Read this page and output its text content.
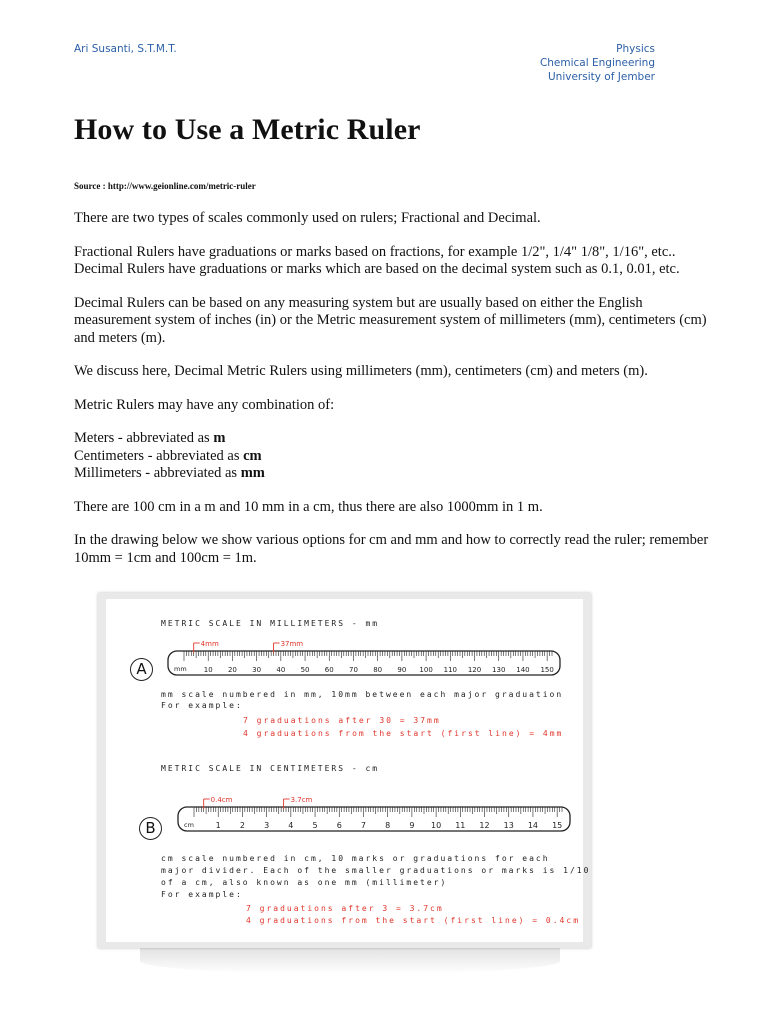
Ari Susanti, S.T.M.T.	Physics
Chemical Engineering
University of Jember
How to Use a Metric Ruler
Source : http://www.geionline.com/metric-ruler

There are two types of scales commonly used on rulers; Fractional and Decimal.

Fractional Rulers have graduations or marks based on fractions, for example 1/2", 1/4" 1/8", 1/16", etc.. Decimal Rulers have graduations or marks which are based on the decimal system such as 0.1, 0.01, etc.

Decimal Rulers can be based on any measuring system but are usually based on either the English measurement system of inches (in) or the Metric measurement system of millimeters (mm), centimeters (cm) and meters (m).

We discuss here, Decimal Metric Rulers using millimeters (mm), centimeters (cm) and meters (m).

Metric Rulers may have any combination of:

Meters - abbreviated as m

Centimeters - abbreviated as cm

Millimeters - abbreviated as mm

There are 100 cm in a m and 10 mm in a cm, thus there are also 1000mm in 1 m.

In the drawing below we show various options for cm and mm and how to correctly read the ruler; remember 10mm = 1cm and 100cm = 1m.

METRIC SCALE IN MILLIMETERS - mm
A	mm 10 20 30 40 50 60 70 80 90 100 110 120 130 140 150
4mm	37mm
mm scale numbered in mm, 10mm between each major graduation
For example:
7 graduations after 30 = 37mm
4 graduations from the start (first line) = 4mm
METRIC SCALE IN CENTIMETERS - cm
B	cm	1 2 3 4 5 6 7 8 9 10 11 12 13 14 15
0.4cm	3.7cm
cm scale numbered in cm, 10 marks or graduations for each
major divider. Each of the smaller graduations or marks is 1/10
of a cm, also known as one mm (millimeter)
For example:
7 graduations after 3 = 3.7cm
4 graduations from the start (first line) = 0.4cm
